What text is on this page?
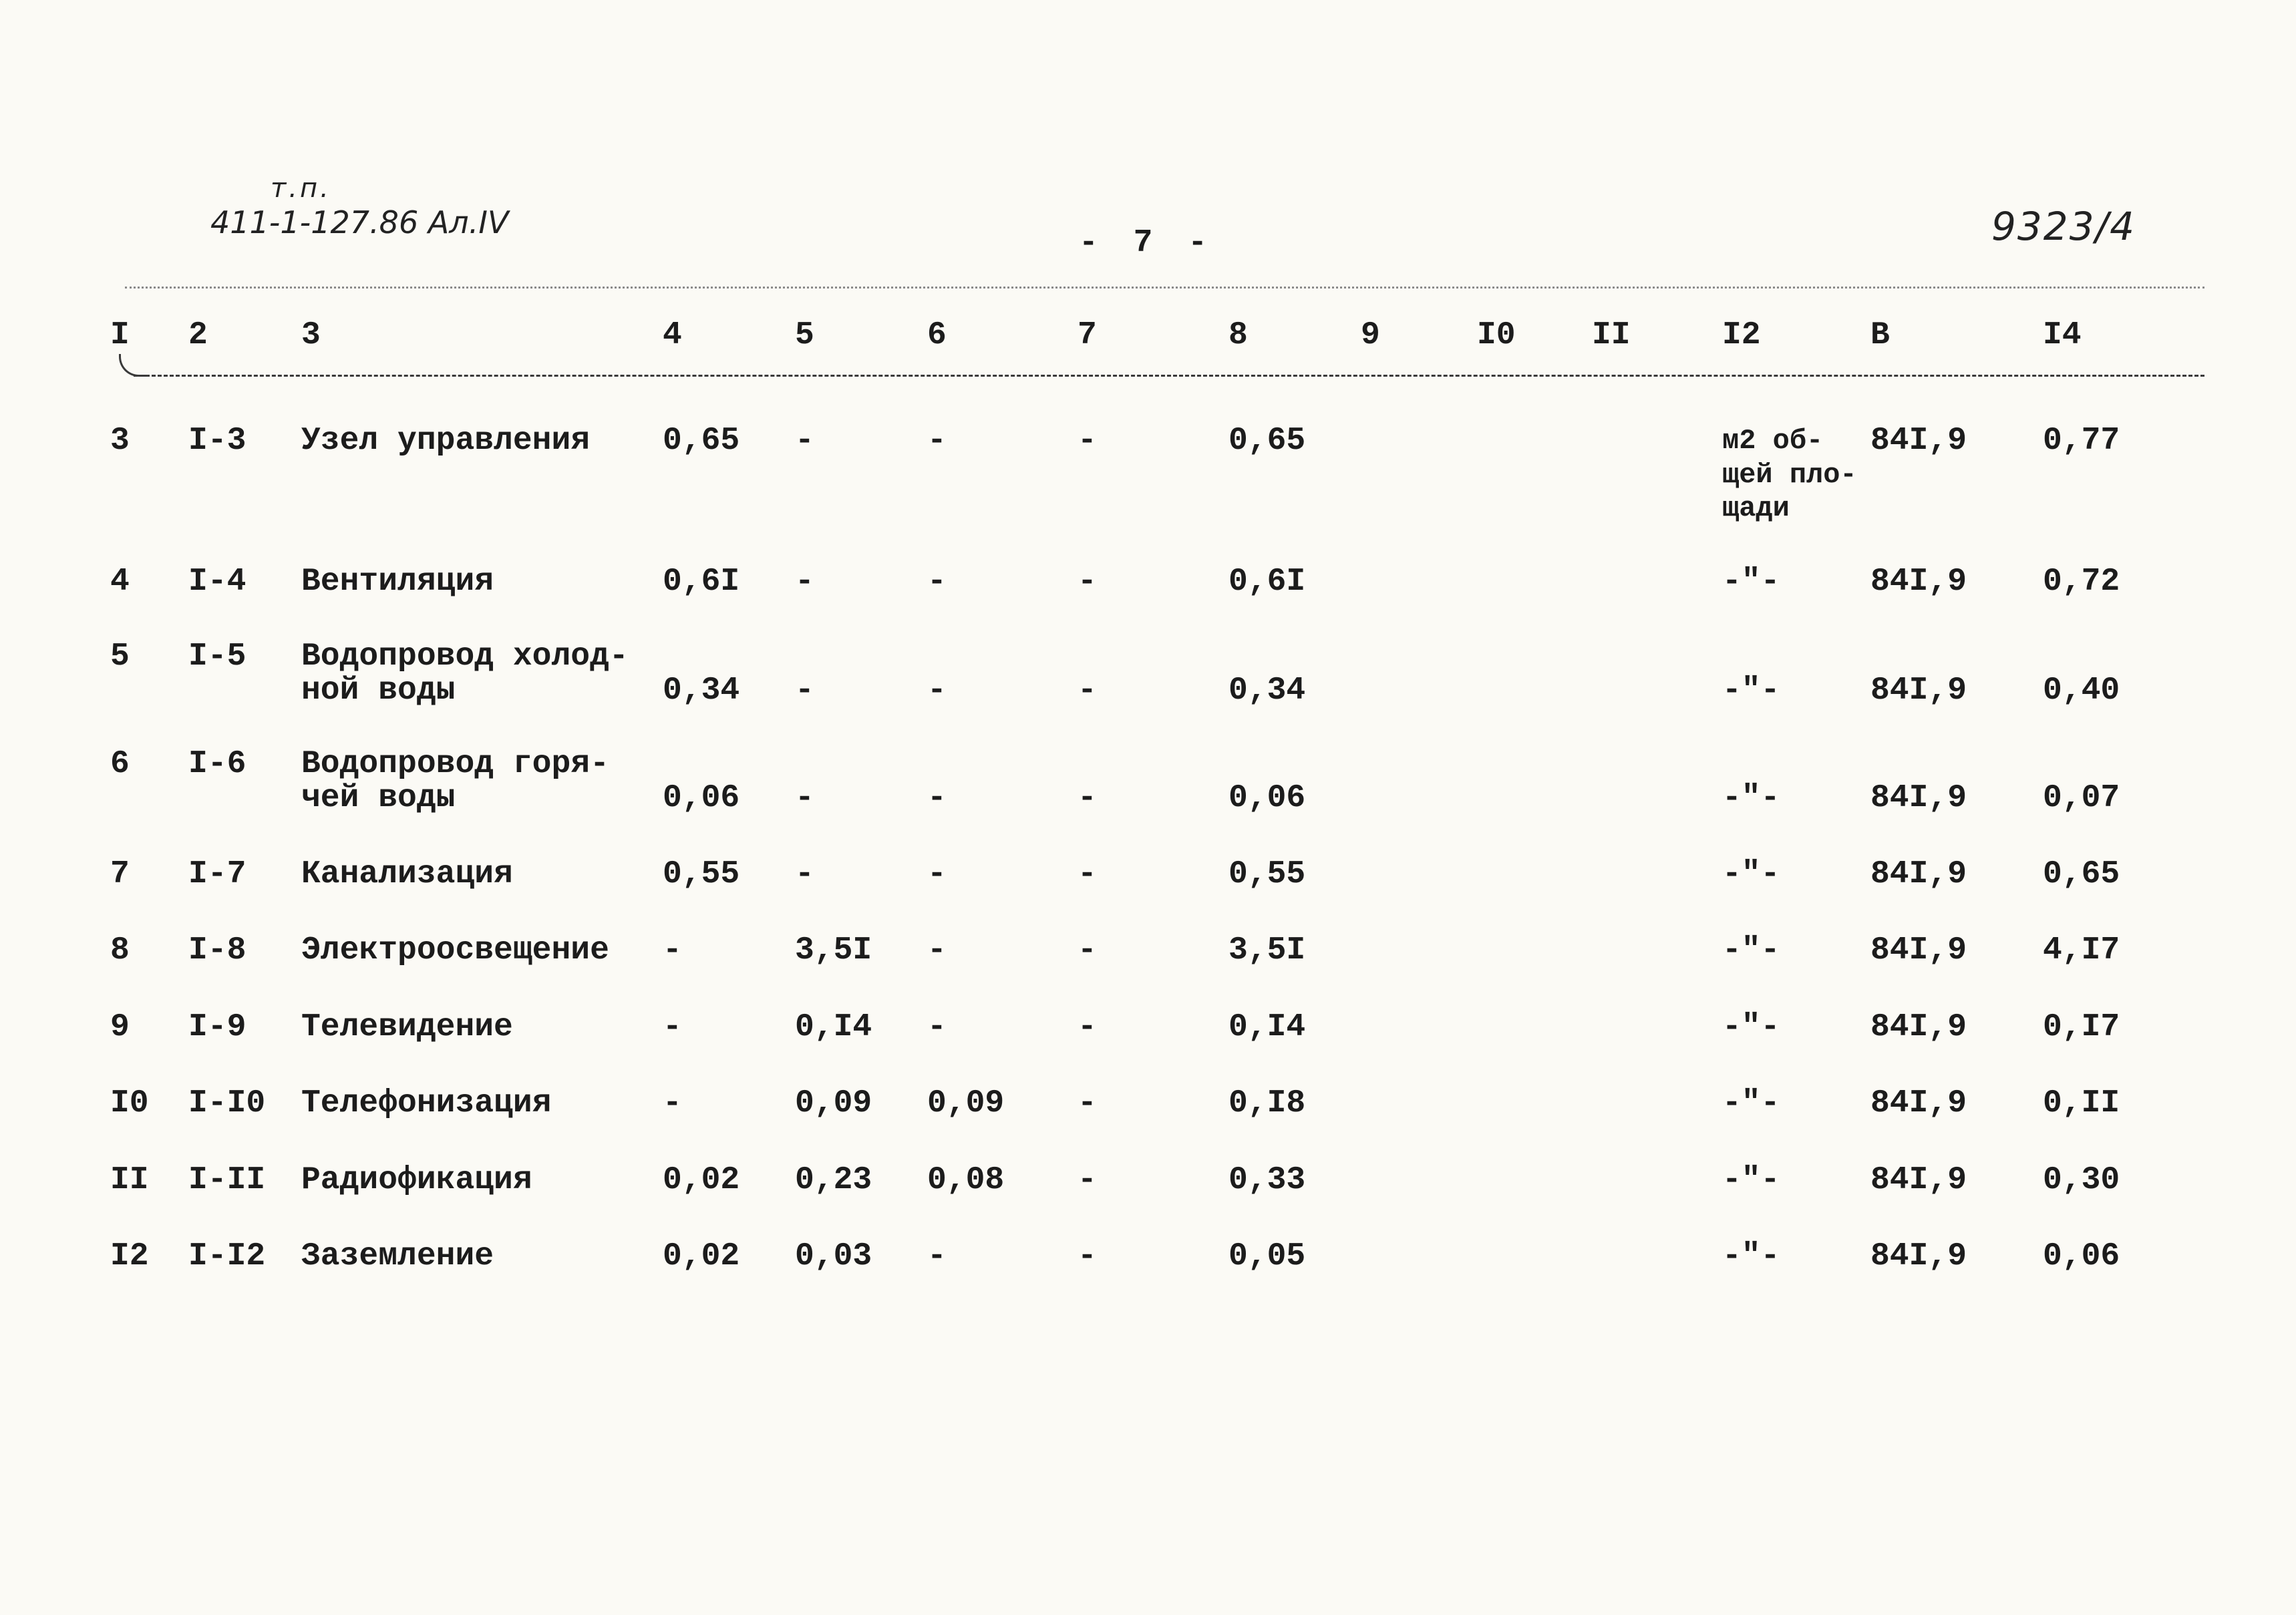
т.п.
411-1-127.86 Ал.IV
- 7 -	9323/4
I 2	3	4	5	6	7	8	9	I0 II	I2	B	I4
3 I-3 Узел управления 0,65 -	-	-	0,65	м2 об-
щей пло-
щади
84I,9 0,77
4 I-4 Вентиляция	0,6I -	-	-	0,6I	-"-	84I,9 0,72
5 I-5 Водопровод холод-
ной воды	0,34 -	-	-	0,34	-"-	84I,9 0,40
6 I-6 Водопровод горя-
чей воды	0,06 -	-	-	0,06	-"-	84I,9 0,07
7 I-7 Канализация	0,55 -	-	-	0,55	-"-	84I,9 0,65
8 I-8 Электроосвещение -	3,5I -	-	3,5I	-"-	84I,9 4,I7
9 I-9 Телевидение	-	0,I4 -	-	0,I4	-"-	84I,9 0,I7
I0 I-I0 Телефонизация	-	0,09 0,09 -	0,I8	-"-	84I,9 0,II
II I-II Радиофикация	0,02 0,23 0,08 -	0,33	-"-	84I,9 0,30
I2 I-I2 Заземление	0,02 0,03 -	-	0,05	-"-	84I,9 0,06
